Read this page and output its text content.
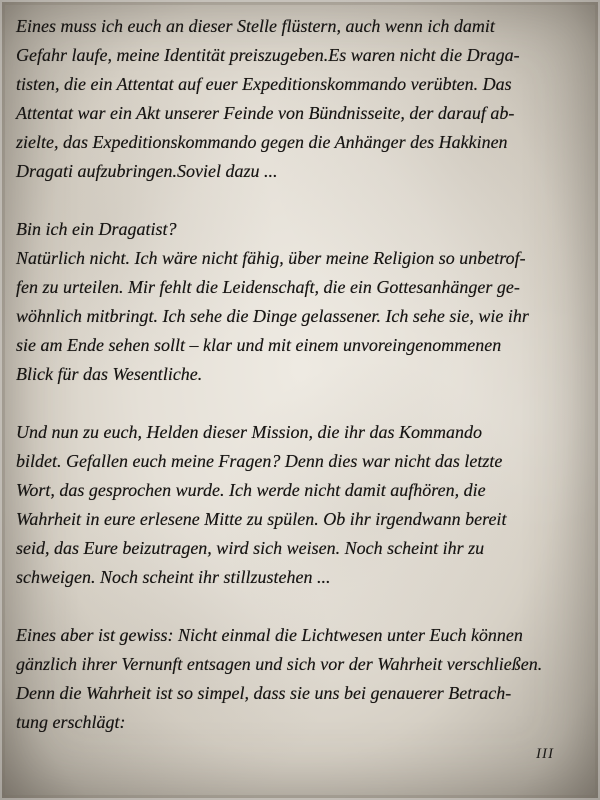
Eines muss ich euch an dieser Stelle flüstern, auch wenn ich damit
Gefahr laufe, meine Identität preiszugeben.Es waren nicht die Draga-
tisten, die ein Attentat auf euer Expeditionskommando verübten. Das
Attentat war ein Akt unserer Feinde von Bündnisseite, der darauf ab-
zielte, das Expeditionskommando gegen die Anhänger des Hakkinen
Dragati aufzubringen.Soviel dazu ...
Bin ich ein Dragatist?
Natürlich nicht. Ich wäre nicht fähig, über meine Religion so unbetrof-
fen zu urteilen. Mir fehlt die Leidenschaft, die ein Gottesanhänger ge-
wöhnlich mitbringt. Ich sehe die Dinge gelassener. Ich sehe sie, wie ihr
sie am Ende sehen sollt – klar und mit einem unvoreingenommenen
Blick für das Wesentliche.
Und nun zu euch, Helden dieser Mission, die ihr das Kommando
bildet. Gefallen euch meine Fragen? Denn dies war nicht das letzte
Wort, das gesprochen wurde. Ich werde nicht damit aufhören, die
Wahrheit in eure erlesene Mitte zu spülen. Ob ihr irgendwann bereit
seid, das Eure beizutragen, wird sich weisen. Noch scheint ihr zu
schweigen. Noch scheint ihr stillzustehen ...
Eines aber ist gewiss: Nicht einmal die Lichtwesen unter Euch können
gänzlich ihrer Vernunft entsagen und sich vor der Wahrheit verschließen.
Denn die Wahrheit ist so simpel, dass sie uns bei genauerer Betrach-
tung erschlägt:
III
